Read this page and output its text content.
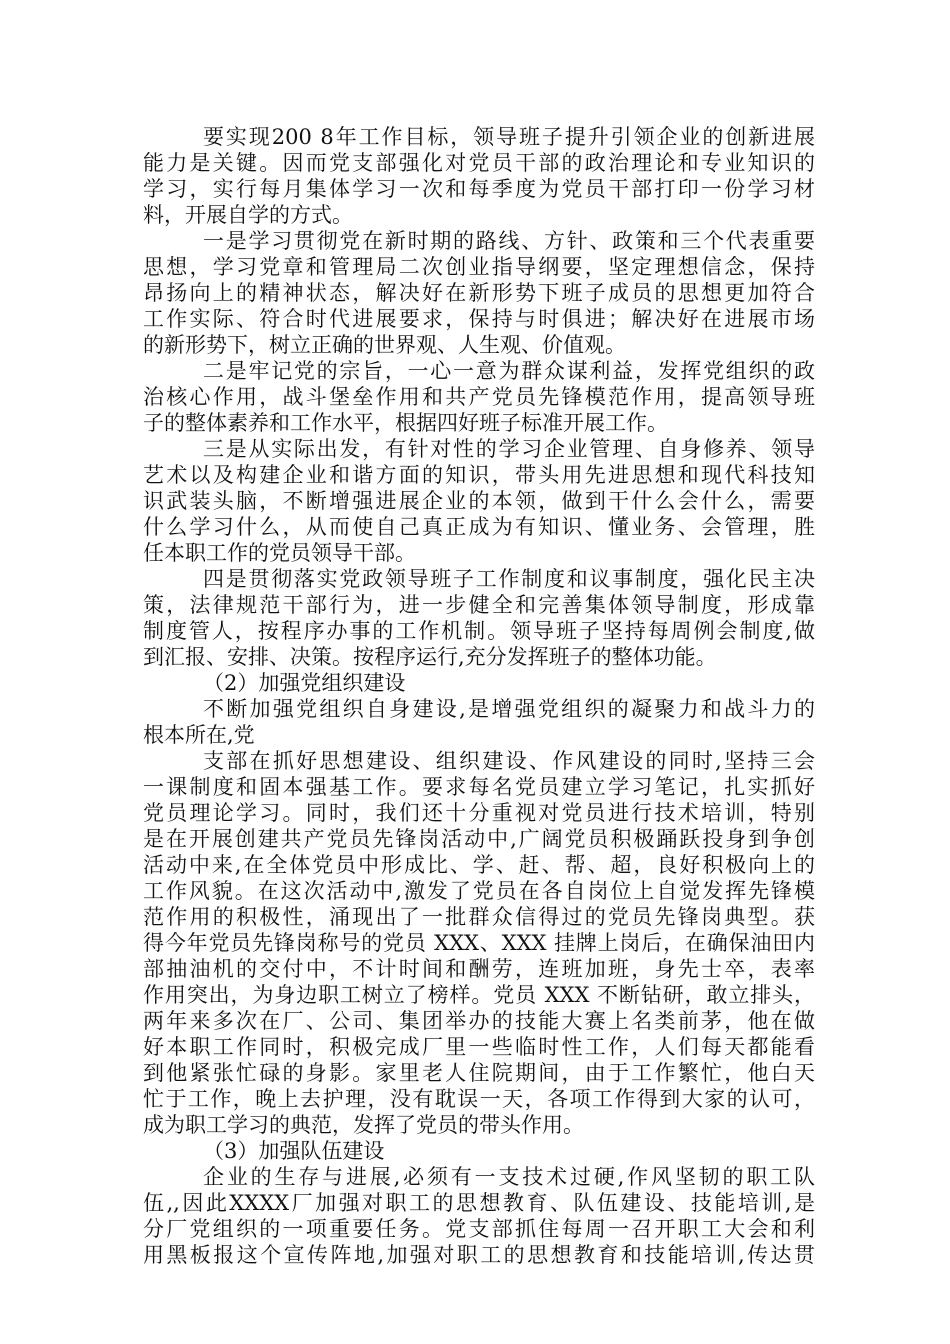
要实现200 8年工作目标，领导班子提升引领企业的创新进展
能力是关键。因而党支部强化对党员干部的政治理论和专业知识的
学习，实行每月集体学习一次和每季度为党员干部打印一份学习材
料，开展自学的方式。
一是学习贯彻党在新时期的路线、方针、政策和三个代表重要
思想，学习党章和管理局二次创业指导纲要，坚定理想信念，保持
昂扬向上的精神状态，解决好在新形势下班子成员的思想更加符合
工作实际、符合时代进展要求，保持与时俱进；解决好在进展市场
的新形势下，树立正确的世界观、人生观、价值观。
二是牢记党的宗旨，一心一意为群众谋利益，发挥党组织的政
治核心作用，战斗堡垒作用和共产党员先锋模范作用，提高领导班
子的整体素养和工作水平，根据四好班子标准开展工作。
三是从实际出发，有针对性的学习企业管理、自身修养、领导
艺术以及构建企业和谐方面的知识，带头用先进思想和现代科技知
识武装头脑，不断增强进展企业的本领，做到干什么会什么，需要
什么学习什么，从而使自己真正成为有知识、懂业务、会管理，胜
任本职工作的党员领导干部。
四是贯彻落实党政领导班子工作制度和议事制度，强化民主决
策，法律规范干部行为，进一步健全和完善集体领导制度，形成靠
制度管人，按程序办事的工作机制。领导班子坚持每周例会制度,做
到汇报、安排、决策。按程序运行,充分发挥班子的整体功能。
（2）加强党组织建设
不断加强党组织自身建设,是增强党组织的凝聚力和战斗力的
根本所在,党
支部在抓好思想建设、组织建设、作风建设的同时,坚持三会
一课制度和固本强基工作。要求每名党员建立学习笔记，扎实抓好
党员理论学习。同时，我们还十分重视对党员进行技术培训，特别
是在开展创建共产党员先锋岗活动中,广阔党员积极踊跃投身到争创
活动中来,在全体党员中形成比、学、赶、帮、超，良好积极向上的
工作风貌。在这次活动中,激发了党员在各自岗位上自觉发挥先锋模
范作用的积极性，涌现出了一批群众信得过的党员先锋岗典型。获
得今年党员先锋岗称号的党员 XXX、XXX 挂牌上岗后，在确保油田内
部抽油机的交付中，不计时间和酬劳，连班加班，身先士卒，表率
作用突出，为身边职工树立了榜样。党员 XXX 不断钻研，敢立排头，
两年来多次在厂、公司、集团举办的技能大赛上名类前茅，他在做
好本职工作同时，积极完成厂里一些临时性工作，人们每天都能看
到他紧张忙碌的身影。家里老人住院期间，由于工作繁忙，他白天
忙于工作，晚上去护理，没有耽误一天，各项工作得到大家的认可，
成为职工学习的典范，发挥了党员的带头作用。
（3）加强队伍建设
企业的生存与进展,必须有一支技术过硬,作风坚韧的职工队
伍,,因此XXXX厂加强对职工的思想教育、队伍建设、技能培训,是
分厂党组织的一项重要任务。党支部抓住每周一召开职工大会和利
用黑板报这个宣传阵地,加强对职工的思想教育和技能培训,传达贯
